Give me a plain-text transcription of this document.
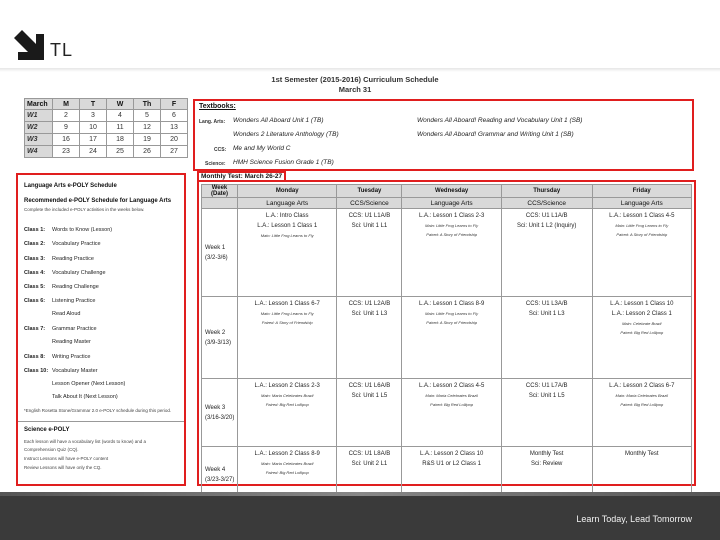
TL
1st Semester (2015-2016) Curriculum Schedule
March 31
March	M	T	W	Th	F
W1	2	3	4	5	6
W2	9	10	11	12	13
W3	16	17	18	19	20
W4	23	24	25	26	27
Textbooks:
Lang. Arts: Wonders All Aboard Unit 1 (TB)
Wonders 2 Literature Anthology (TB)
Wonders All Aboard! Reading and Vocabulary Unit 1 (SB)
Wonders All Aboard! Grammar and Writing Unit 1 (SB)
CCS: Me and My World C
Science: HMH Science Fusion Grade 1 (TB)
Monthly Test: March 26-27
Language Arts e-POLY Schedule
Recommended e-POLY Schedule for Language Arts
Complete the included e-POLY activities in the weeks below.
Class 1: Words to Know (Lesson)
Class 2: Vocabulary Practice
Class 3: Reading Practice
Class 4: Vocabulary Challenge
Class 5: Reading Challenge
Class 6: Listening Practice
Read Aloud
Class 7: Grammar Practice
Reading Master
Class 8: Writing Practice
Class 10: Vocabulary Master
Lesson Opener (Next Lesson)
Talk About It (Next Lesson)
*English Rosetta Stone/Grammar 2.0 e-POLY schedule during this period.
Science e-POLY
Each lesson will have a vocabulary list (words to know) and a
Comprehension Quiz (CQ).
Instruct Lessons will have e-POLY content
Review Lessons will have only the CQ.
Week (Date)	Monday	Tuesday	Wednesday	Thursday	Friday
	Language Arts	CCS/Science	Language Arts	CCS/Science	Language Arts

Week 1
(3/2-3/6)	L.A.: Intro Class
L.A.: Lesson 1 Class 1
Main: Little Frog Learns to Fly	CCS: U1 L1A/B
Sci: Unit 1 L1	L.A.: Lesson 1 Class 2-3
Main: Little Frog Learns to Fly
Paired: A Story of Friendship	CCS: U1 L1A/B
Sci: Unit 1 L2 (Inquiry)	L.A.: Lesson 1 Class 4-5
Main: Little Frog Learns to Fly
Paired: A Story of Friendship

Week 2
(3/9-3/13)	L.A.: Lesson 1 Class 6-7
Main: Little Frog Learns to Fly
Paired: A Story of Friendship	CCS: U1 L2A/B
Sci: Unit 1 L3	L.A.: Lesson 1 Class 8-9
Main: Little Frog Learns to Fly
Paired: A Story of Friendship	CCS: U1 L3A/B
Sci: Unit 1 L3	L.A.: Lesson 1 Class 10
L.A.: Lesson 2 Class 1
Main: Celebrate Brazil
Paired: Big Red Lollipop

Week 3
(3/16-3/20)	L.A.: Lesson 2 Class 2-3
Main: Maria Celebrates Brazil
Paired: Big Red Lollipop	CCS: U1 L6A/B
Sci: Unit 1 L5	L.A.: Lesson 2 Class 4-5
Main: Maria Celebrates Brazil
Paired: Big Red Lollipop	CCS: U1 L7A/B
Sci: Unit 1 L5	L.A.: Lesson 2 Class 6-7
Main: Maria Celebrates Brazil
Paired: Big Red Lollipop

Week 4
(3/23-3/27)	L.A.: Lesson 2 Class 8-9
Main: Maria Celebrates Brazil
Paired: Big Red Lollipop	CCS: U1 L8A/B
Sci: Unit 2 L1	L.A.: Lesson 2 Class 10
R&S U1 or L2 Class 1	Monthly Test
Sci: Review	Monthly Test
Learn Today, Lead Tomorrow
